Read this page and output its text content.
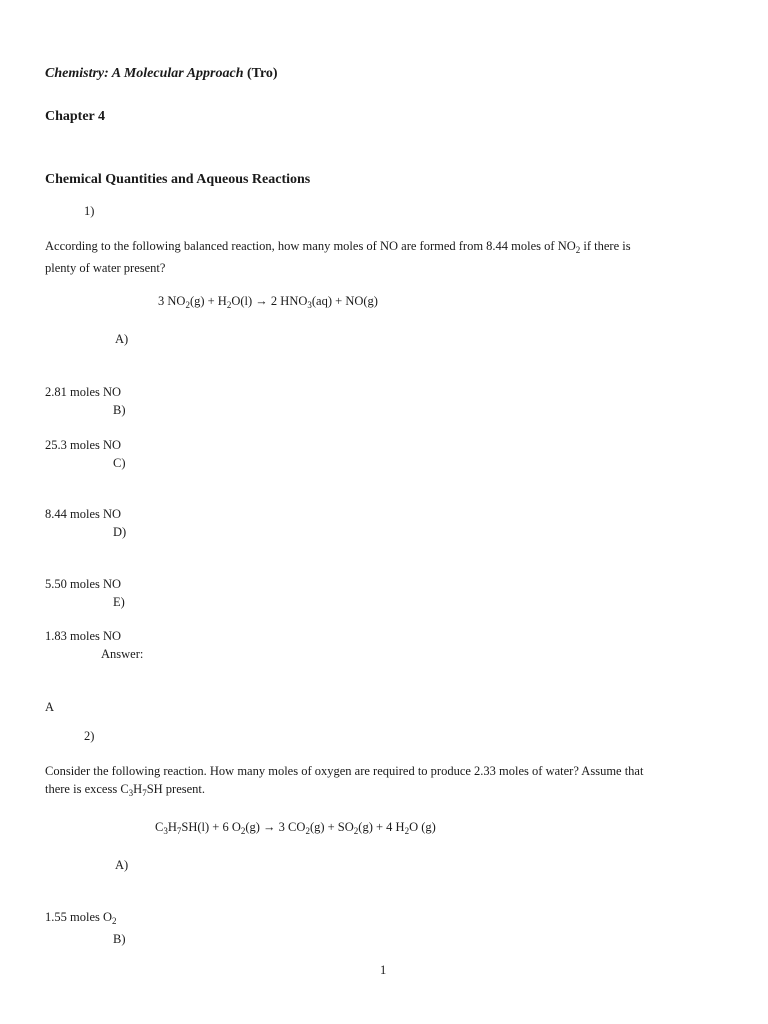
Chemistry: A Molecular Approach (Tro)
Chapter 4
Chemical Quantities and Aqueous Reactions
1)
According to the following balanced reaction, how many moles of NO are formed from 8.44 moles of $NO_2$ if there is
plenty of water present?
3 $NO_2(g) + H_2O(l) \to 2$ $HNO_3(aq) + NO(g)$
A)
2.81 moles NO
B)
25.3 moles NO
C)
8.44 moles NO
D)
5.50 moles NO
E)
1.83 moles NO
Answer:
A
2)
Consider the following reaction. How many moles of oxygen are required to produce 2.33 moles of water? Assume that
there is excess $C_3H_7SH$ present.
$C_3H_7SH(l) + 6$ $O_2(g) \to 3$ $CO_2(g) + SO_2(g) + 4$ $H_2O$ (g)
A)
1.55 moles $O_2$
B)
1
